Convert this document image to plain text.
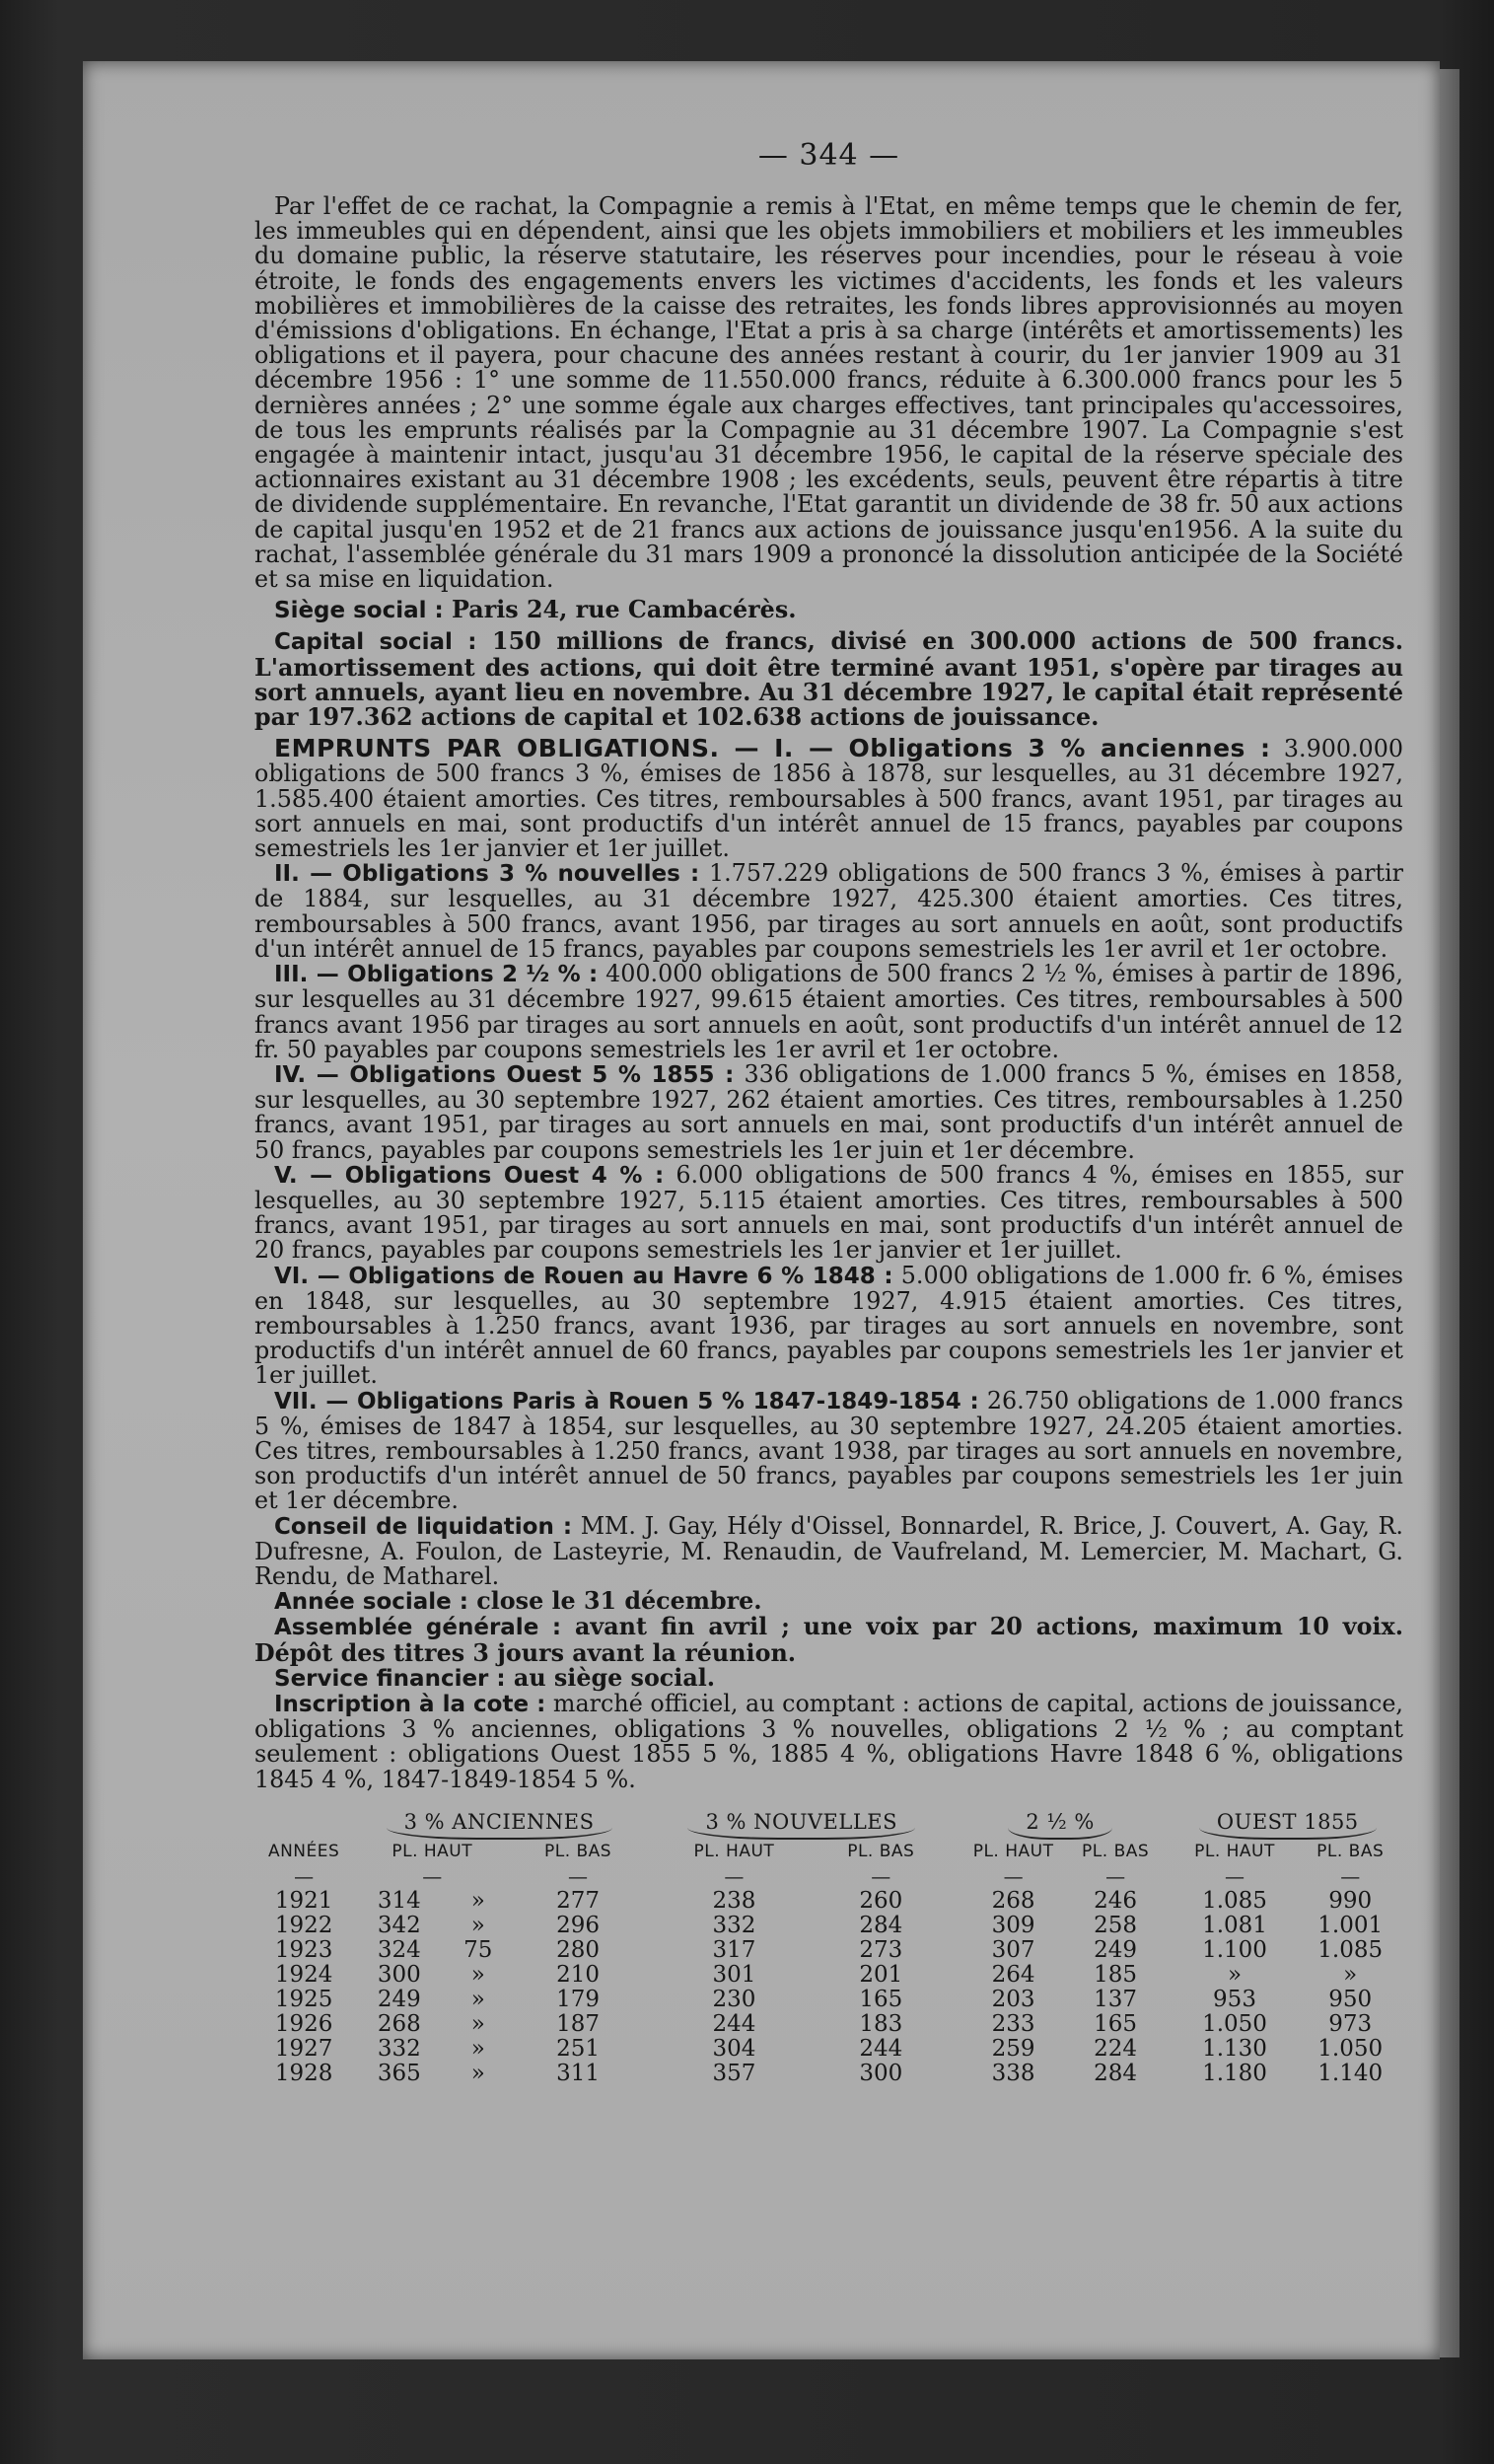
— 344 —

Par l'effet de ce rachat, la Compagnie a remis à l'Etat, en même temps que le chemin de fer, les immeubles qui en dépendent, ainsi que les objets immobiliers et mobiliers et les immeubles du domaine public, la réserve statutaire, les réserves pour incendies, pour le réseau à voie étroite, le fonds des engagements envers les victimes d'accidents, les fonds et les valeurs mobilières et immobilières de la caisse des retraites, les fonds libres approvisionnés au moyen d'émissions d'obligations. En échange, l'Etat a pris à sa charge (intérêts et amortissements) les obligations et il payera, pour chacune des années restant à courir, du 1er janvier 1909 au 31 décembre 1956 : 1° une somme de 11.550.000 francs, réduite à 6.300.000 francs pour les 5 dernières années ; 2° une somme égale aux charges effectives, tant principales qu'accessoires, de tous les emprunts réalisés par la Compagnie au 31 décembre 1907. La Compagnie s'est engagée à maintenir intact, jusqu'au 31 décembre 1956, le capital de la réserve spéciale des actionnaires existant au 31 décembre 1908 ; les excédents, seuls, peuvent être répartis à titre de dividende supplémentaire. En revanche, l'Etat garantit un dividende de 38 fr. 50 aux actions de capital jusqu'en 1952 et de 21 francs aux actions de jouissance jusqu'en1956. A la suite du rachat, l'assemblée générale du 31 mars 1909 a prononcé la dissolution anticipée de la Société et sa mise en liquidation.

Siège social : Paris 24, rue Cambacérès.

Capital social : 150 millions de francs, divisé en 300.000 actions de 500 francs. L'amortissement des actions, qui doit être terminé avant 1951, s'opère par tirages au sort annuels, ayant lieu en novembre. Au 31 décembre 1927, le capital était représenté par 197.362 actions de capital et 102.638 actions de jouissance.

EMPRUNTS PAR OBLIGATIONS. — I. — Obligations 3 % anciennes : 3.900.000 obligations de 500 francs 3 %, émises de 1856 à 1878, sur lesquelles, au 31 décembre 1927, 1.585.400 étaient amorties. Ces titres, remboursables à 500 francs, avant 1951, par tirages au sort annuels en mai, sont productifs d'un intérêt annuel de 15 francs, payables par coupons semestriels les 1er janvier et 1er juillet.

II. — Obligations 3 % nouvelles : 1.757.229 obligations de 500 francs 3 %, émises à partir de 1884, sur lesquelles, au 31 décembre 1927, 425.300 étaient amorties. Ces titres, remboursables à 500 francs, avant 1956, par tirages au sort annuels en août, sont productifs d'un intérêt annuel de 15 francs, payables par coupons semestriels les 1er avril et 1er octobre.

III. — Obligations 2 ½ % : 400.000 obligations de 500 francs 2 ½ %, émises à partir de 1896, sur lesquelles au 31 décembre 1927, 99.615 étaient amorties. Ces titres, remboursables à 500 francs avant 1956 par tirages au sort annuels en août, sont productifs d'un intérêt annuel de 12 fr. 50 payables par coupons semestriels les 1er avril et 1er octobre.

IV. — Obligations Ouest 5 % 1855 : 336 obligations de 1.000 francs 5 %, émises en 1858, sur lesquelles, au 30 septembre 1927, 262 étaient amorties. Ces titres, remboursables à 1.250 francs, avant 1951, par tirages au sort annuels en mai, sont productifs d'un intérêt annuel de 50 francs, payables par coupons semestriels les 1er juin et 1er décembre.

V. — Obligations Ouest 4 % : 6.000 obligations de 500 francs 4 %, émises en 1855, sur lesquelles, au 30 septembre 1927, 5.115 étaient amorties. Ces titres, remboursables à 500 francs, avant 1951, par tirages au sort annuels en mai, sont productifs d'un intérêt annuel de 20 francs, payables par coupons semestriels les 1er janvier et 1er juillet.

VI. — Obligations de Rouen au Havre 6 % 1848 : 5.000 obligations de 1.000 fr. 6 %, émises en 1848, sur lesquelles, au 30 septembre 1927, 4.915 étaient amorties. Ces titres, remboursables à 1.250 francs, avant 1936, par tirages au sort annuels en novembre, sont productifs d'un intérêt annuel de 60 francs, payables par coupons semestriels les 1er janvier et 1er juillet.

VII. — Obligations Paris à Rouen 5 % 1847-1849-1854 : 26.750 obligations de 1.000 francs 5 %, émises de 1847 à 1854, sur lesquelles, au 30 septembre 1927, 24.205 étaient amorties. Ces titres, remboursables à 1.250 francs, avant 1938, par tirages au sort annuels en novembre, son productifs d'un intérêt annuel de 50 francs, payables par coupons semestriels les 1er juin et 1er décembre.

Conseil de liquidation : MM. J. Gay, Hély d'Oissel, Bonnardel, R. Brice, J. Couvert, A. Gay, R. Dufresne, A. Foulon, de Lasteyrie, M. Renaudin, de Vaufreland, M. Lemercier, M. Machart, G. Rendu, de Matharel.

Année sociale : close le 31 décembre.

Assemblée générale : avant fin avril ; une voix par 20 actions, maximum 10 voix. Dépôt des titres 3 jours avant la réunion.

Service financier : au siège social.

Inscription à la cote : marché officiel, au comptant : actions de capital, actions de jouissance, obligations 3 % anciennes, obligations 3 % nouvelles, obligations 2 ½ % ; au comptant seulement : obligations Ouest 1855 5 %, 1885 4 %, obligations Havre 1848 6 %, obligations 1845 4 %, 1847-1849-1854 5 %.

	3 % ANCIENNES				3 % NOUVELLES			2 ½ %			OUEST 1855	
ANNÉES	PL. HAUT		PL. BAS		PL. HAUT	PL. BAS		PL. HAUT	PL. BAS		PL. HAUT	PL. BAS
—	—		—		—	—		—	—		—	—
1921	314	»	277		238	260		268	246		1.085	990
1922	342	»	296		332	284		309	258		1.081	1.001
1923	324	75	280		317	273		307	249		1.100	1.085
1924	300	»	210		301	201		264	185		»	»
1925	249	»	179		230	165		203	137		953	950
1926	268	»	187		244	183		233	165		1.050	973
1927	332	»	251		304	244		259	224		1.130	1.050
1928	365	»	311		357	300		338	284		1.180	1.140
